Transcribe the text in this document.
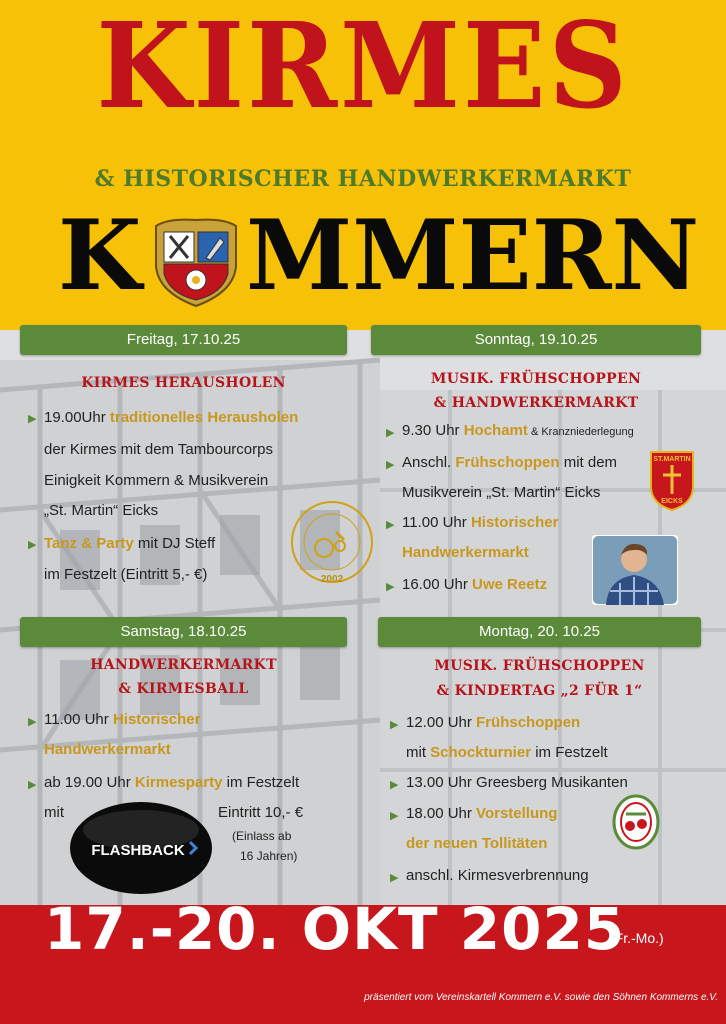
KIRMES
& HISTORISCHER HANDWERKERMARKT
K MMERN
Freitag, 17.10.25
KIRMES HERAUSHOLEN
▶ 19.00Uhr traditionelles Herausholen
der Kirmes mit dem Tambourcorps
Einigkeit Kommern & Musikverein
„St. Martin“ Eicks
▶ Tanz & Party mit DJ Steff
im Festzelt (Eintritt 5,- €)	2002
Sonntag, 19.10.25
MUSIK. FRÜHSCHOPPEN
& HANDWERKERMARKT
▶ 9.30 Uhr Hochamt & Kranzniederlegung
▶ Anschl. Frühschoppen mit dem
Musikverein „St. Martin“ Eicks
▶ 11.00 Uhr Historischer
Handwerkermarkt
▶ 16.00 Uhr Uwe Reetz
ST.MARTIN
EICKS
Samstag, 18.10.25
HANDWERKERMARKT
& KIRMESBALL
▶ 11.00 Uhr Historischer
Handwerkermarkt
▶ ab 19.00 Uhr Kirmesparty im Festzelt
mit	Eintritt 10,- €
(Einlass ab
16 Jahren)
FLASHBACK
Montag, 20. 10.25
MUSIK. FRÜHSCHOPPEN
& KINDERTAG „2 FÜR 1“
▶ 12.00 Uhr Frühschoppen
mit Schockturnier im Festzelt
▶ 13.00 Uhr Greesberg Musikanten
▶ 18.00 Uhr Vorstellung
der neuen Tollitäten
▶ anschl. Kirmesverbrennung
17.-20. OKT 2025
(Fr.-Mo.)
präsentiert vom Vereinskartell Kommern e.V. sowie den Söhnen Kommerns e.V.
